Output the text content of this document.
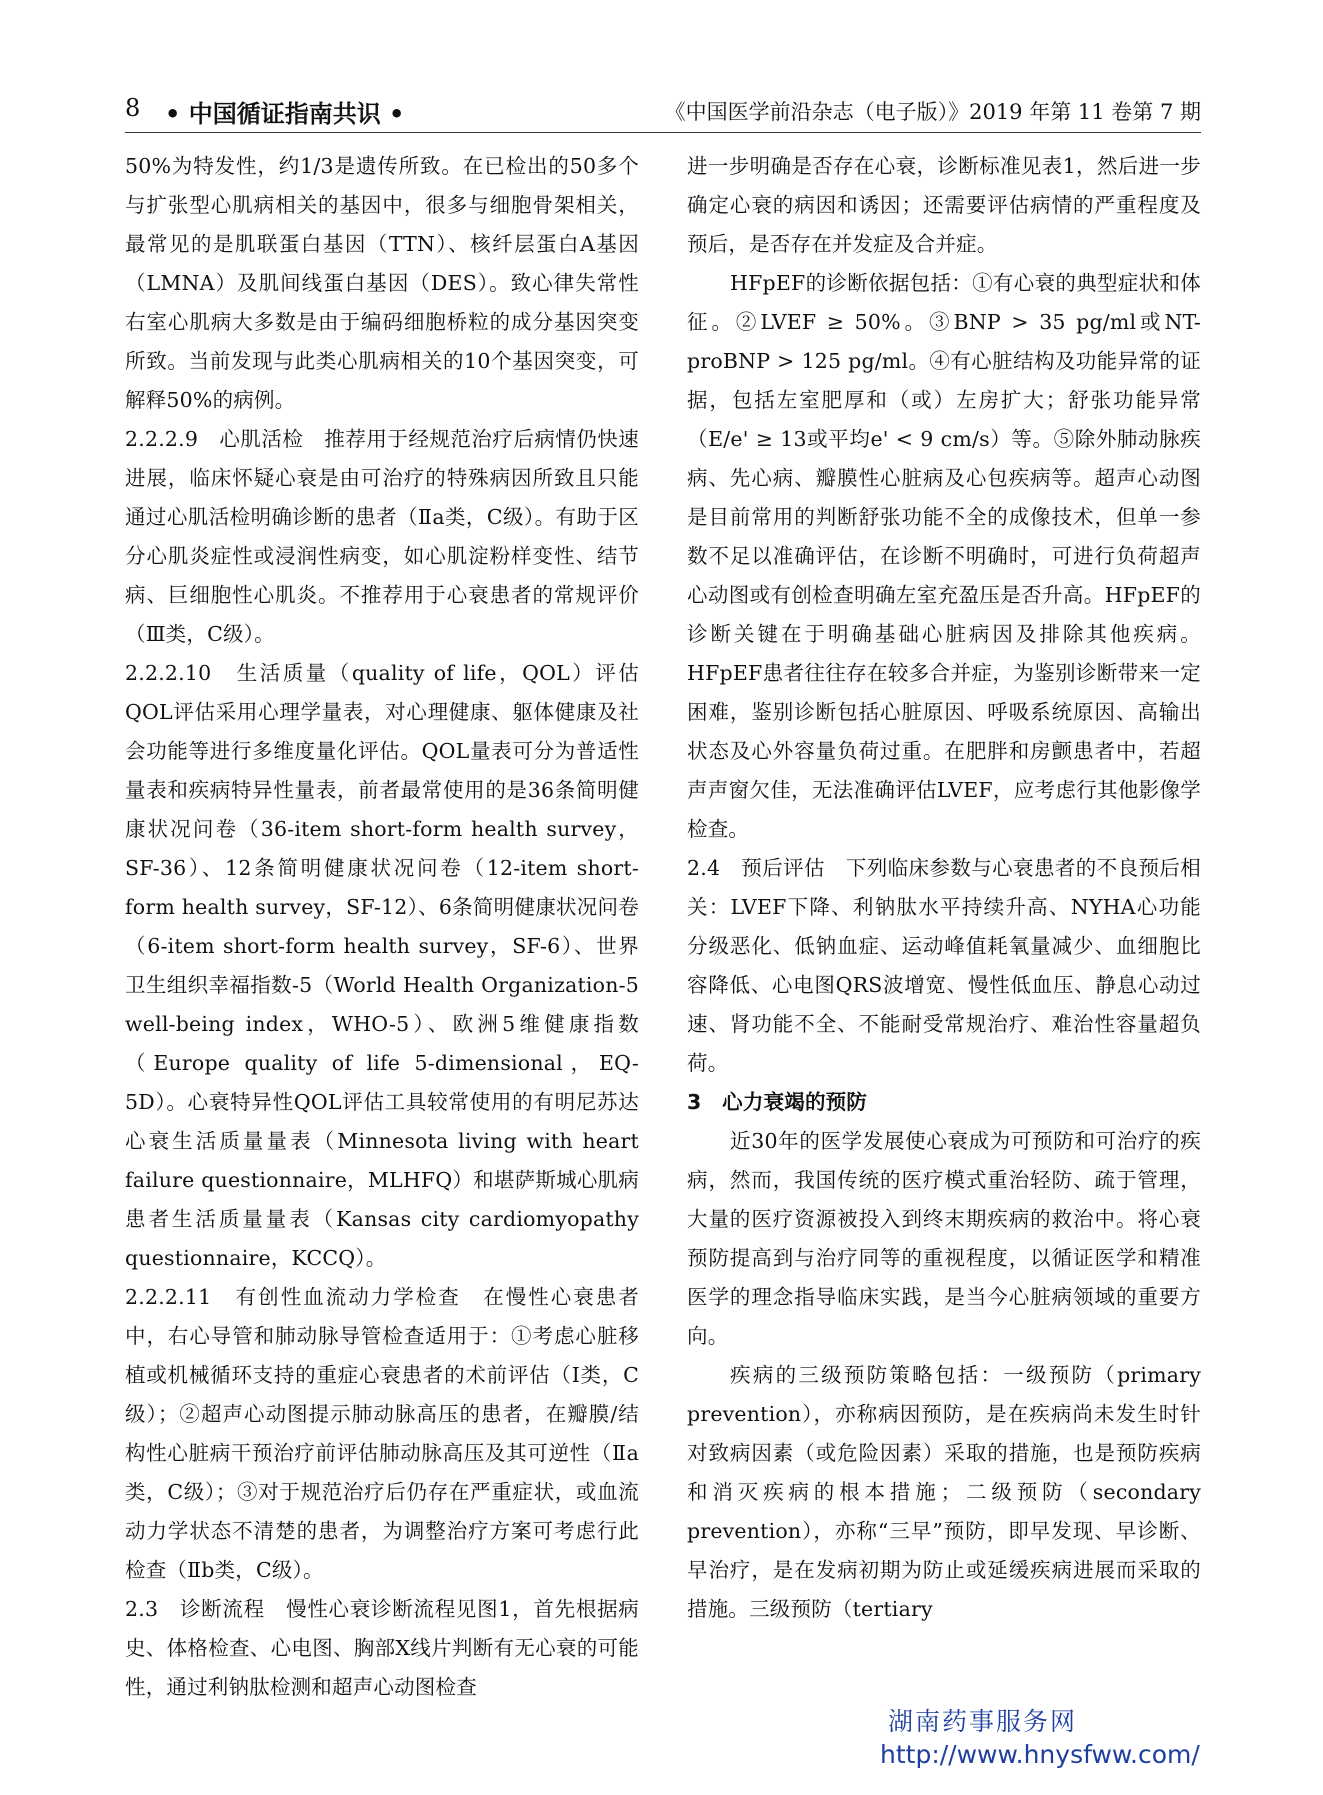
8 • 中国循证指南共识 •	《中国医学前沿杂志（电子版）》2019 年第 11 卷第 7 期

50%为特发性，约1/3是遗传所致。在已检出的50多个与扩张型心肌病相关的基因中，很多与细胞骨架相关，最常见的是肌联蛋白基因（TTN）、核纤层蛋白A基因（LMNA）及肌间线蛋白基因（DES）。致心律失常性右室心肌病大多数是由于编码细胞桥粒的成分基因突变所致。当前发现与此类心肌病相关的10个基因突变，可解释50%的病例。

2.2.2.9　心肌活检　推荐用于经规范治疗后病情仍快速进展，临床怀疑心衰是由可治疗的特殊病因所致且只能通过心肌活检明确诊断的患者（Ⅱa类，C级）。有助于区分心肌炎症性或浸润性病变，如心肌淀粉样变性、结节病、巨细胞性心肌炎。不推荐用于心衰患者的常规评价（Ⅲ类，C级）。

2.2.2.10　生活质量（quality of life，QOL）评估　QOL评估采用心理学量表，对心理健康、躯体健康及社会功能等进行多维度量化评估。QOL量表可分为普适性量表和疾病特异性量表，前者最常使用的是36条简明健康状况问卷（36-item short-form health survey，SF-36）、12条简明健康状况问卷（12-item short-form health survey，SF-12）、6条简明健康状况问卷（6-item short-form health survey，SF-6）、世界卫生组织幸福指数-5（World Health Organization-5 well-being index，WHO-5）、欧洲5维健康指数（Europe quality of life 5-dimensional，EQ-5D）。心衰特异性QOL评估工具较常使用的有明尼苏达心衰生活质量量表（Minnesota living with heart failure questionnaire，MLHFQ）和堪萨斯城心肌病患者生活质量量表（Kansas city cardiomyopathy questionnaire，KCCQ）。

2.2.2.11　有创性血流动力学检查　在慢性心衰患者中，右心导管和肺动脉导管检查适用于：①考虑心脏移植或机械循环支持的重症心衰患者的术前评估（Ⅰ类，C级）；②超声心动图提示肺动脉高压的患者，在瓣膜/结构性心脏病干预治疗前评估肺动脉高压及其可逆性（Ⅱa类，C级）；③对于规范治疗后仍存在严重症状，或血流动力学状态不清楚的患者，为调整治疗方案可考虑行此检查（Ⅱb类，C级）。

2.3　诊断流程　慢性心衰诊断流程见图1，首先根据病史、体格检查、心电图、胸部X线片判断有无心衰的可能性，通过利钠肽检测和超声心动图检查

进一步明确是否存在心衰，诊断标准见表1，然后进一步确定心衰的病因和诱因；还需要评估病情的严重程度及预后，是否存在并发症及合并症。

HFpEF的诊断依据包括：①有心衰的典型症状和体征。②LVEF ≥ 50%。③BNP > 35 pg/ml或NT-proBNP > 125 pg/ml。④有心脏结构及功能异常的证据，包括左室肥厚和（或）左房扩大；舒张功能异常（E/e' ≥ 13或平均e' < 9 cm/s）等。⑤除外肺动脉疾病、先心病、瓣膜性心脏病及心包疾病等。超声心动图是目前常用的判断舒张功能不全的成像技术，但单一参数不足以准确评估，在诊断不明确时，可进行负荷超声心动图或有创检查明确左室充盈压是否升高。HFpEF的诊断关键在于明确基础心脏病因及排除其他疾病。HFpEF患者往往存在较多合并症，为鉴别诊断带来一定困难，鉴别诊断包括心脏原因、呼吸系统原因、高输出状态及心外容量负荷过重。在肥胖和房颤患者中，若超声声窗欠佳，无法准确评估LVEF，应考虑行其他影像学检查。

2.4　预后评估　下列临床参数与心衰患者的不良预后相关：LVEF下降、利钠肽水平持续升高、NYHA心功能分级恶化、低钠血症、运动峰值耗氧量减少、血细胞比容降低、心电图QRS波增宽、慢性低血压、静息心动过速、肾功能不全、不能耐受常规治疗、难治性容量超负荷。

3　心力衰竭的预防

近30年的医学发展使心衰成为可预防和可治疗的疾病，然而，我国传统的医疗模式重治轻防、疏于管理，大量的医疗资源被投入到终末期疾病的救治中。将心衰预防提高到与治疗同等的重视程度，以循证医学和精准医学的理念指导临床实践，是当今心脏病领域的重要方向。

疾病的三级预防策略包括：一级预防（primary prevention），亦称病因预防，是在疾病尚未发生时针对致病因素（或危险因素）采取的措施，也是预防疾病和消灭疾病的根本措施；二级预防（secondary prevention），亦称“三早”预防，即早发现、早诊断、早治疗，是在发病初期为防止或延缓疾病进展而采取的措施。三级预防（tertiary

湖南药事服务网
http://www.hnysfww.com/
